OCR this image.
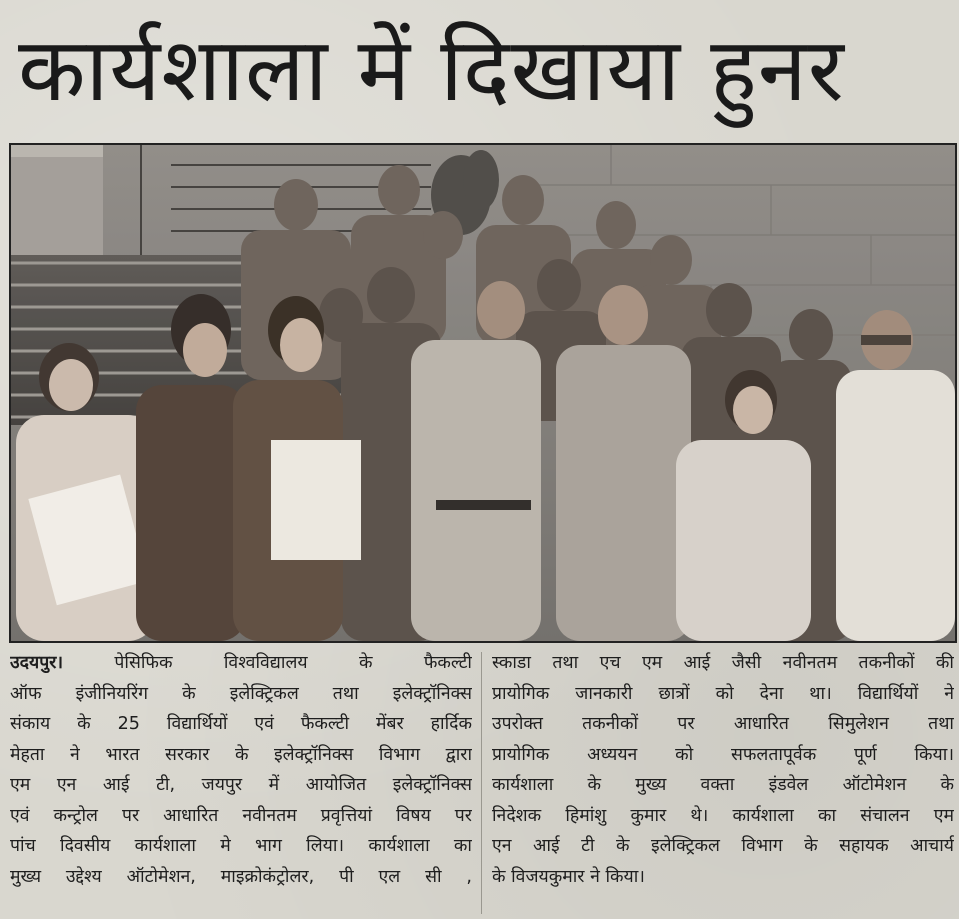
कार्यशाला में दिखाया हुनर
उदयपुर।	पेसिफिक विश्वविद्यालय के फैकल्टी
ऑफ इंजीनियरिंग के इलेक्ट्रिकल तथा इलेक्ट्रॉनिक्स
संकाय के 25 विद्यार्थियों एवं फैकल्टी मेंबर हार्दिक
मेहता ने भारत सरकार के इलेक्ट्रॉनिक्स विभाग द्वारा
एम एन आई टी, जयपुर में आयोजित इलेक्ट्रॉनिक्स
एवं कन्ट्रोल पर आधारित नवीनतम प्रवृत्तियां विषय पर
पांच दिवसीय कार्यशाला मे भाग लिया। कार्यशाला का
मुख्य उद्देश्य ऑटोमेशन, माइक्रोकंट्रोलर, पी एल सी ,
स्काडा तथा एच एम आई जैसी नवीनतम तकनीकों की
प्रायोगिक जानकारी छात्रों को देना था। विद्यार्थियों ने
उपरोक्त तकनीकों पर आधारित सिमुलेशन तथा
प्रायोगिक अध्ययन को सफलतापूर्वक पूर्ण किया।
कार्यशाला के मुख्य वक्ता इंडवेल ऑटोमेशन के
निदेशक हिमांशु कुमार थे। कार्यशाला का संचालन एम
एन आई टी के इलेक्ट्रिकल विभाग के सहायक आचार्य
के विजयकुमार ने किया।
